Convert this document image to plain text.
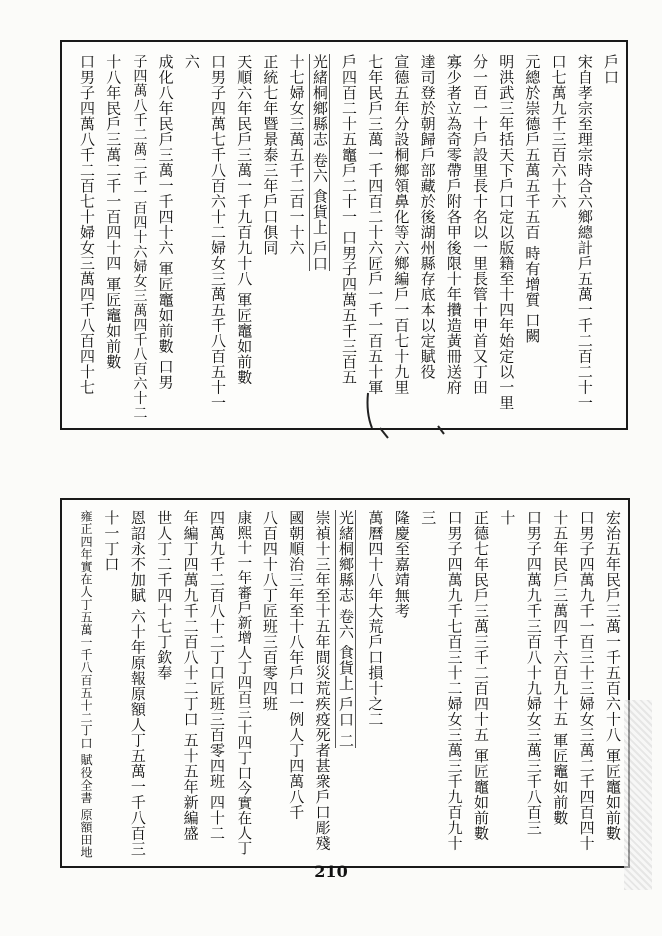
戶口
宋自孝宗至理宗時合六鄉總計戶五萬一千二百二十一
口七萬九千三百六十六
元總於崇德戶五萬五千五百 時有增質 口闕
明洪武三年括天下戶口定以版籍至十四年始定以一里
分一百一十戶設里長十名以一里長管十甲首又丁田
寡少者立為奇零帶戶附各甲後限十年攢造黃冊送府
達司登於朝歸戶部藏於後湖州縣存底本以定賦役
宣德五年分設桐鄉領鼻化等六鄉編戶一百七十九里
七年民戶三萬一千四百二十六匠戶一千一百五十軍
戶四百二十五竈戶二十一 口男子四萬五千三百五
光緒桐鄉縣志 卷六 食貨上 戶口
十七婦女三萬五千二百一十六
正統七年暨景泰三年戶口俱同
天順六年民戶三萬一千九百九十八 軍匠竈如前數
口男子四萬七千八百六十二婦女三萬五千八百五十一
六
成化八年民戶三萬一千四十六 軍匠竈如前數 口男
子四萬八千二萬二千一百四十六婦女三萬四千八百六十二
十八年民戶三萬二千一百四十四 軍匠竈如前數
口男子四萬八千二百七十婦女三萬四千八百四十七
宏治五年民戶三萬一千五百六十八 軍匠竈如前數
口男子四萬九千一百三十三婦女三萬二千四百四十
十五年民戶三萬四千六百九十五 軍匠竈如前數
口男子四萬九千三百八十九婦女三萬三千八百三
十
正德七年民戶三萬三千二百四十五 軍匠竈如前數
口男子四萬九千七百三十二婦女三萬三千九百九十
三
隆慶至嘉靖無考
萬曆四十八年大荒戶口損十之二
光緒桐鄉縣志 卷六 食貨上 戶口 二
崇禎十三年至十五年間災荒疾疫死者甚衆戶口彫殘
國朝順治三年至十八年戶口一例人丁四萬八千
八百四十八丁匠班三百零四班
康熙十一年審戶新增人丁四百三十四丁口今實在人丁
四萬九千二百八十二丁口匠班三百零四班 四十二
年編丁四萬九千二百八十二丁口 五十五年新編盛
世人丁二千四十七丁欽奉
恩詔永不加賦 六十年原報原額人丁五萬一千八百三
十一丁口
雍正四年實在人丁五萬一千八百五十二丁口 賦役全書 原額田地
210
